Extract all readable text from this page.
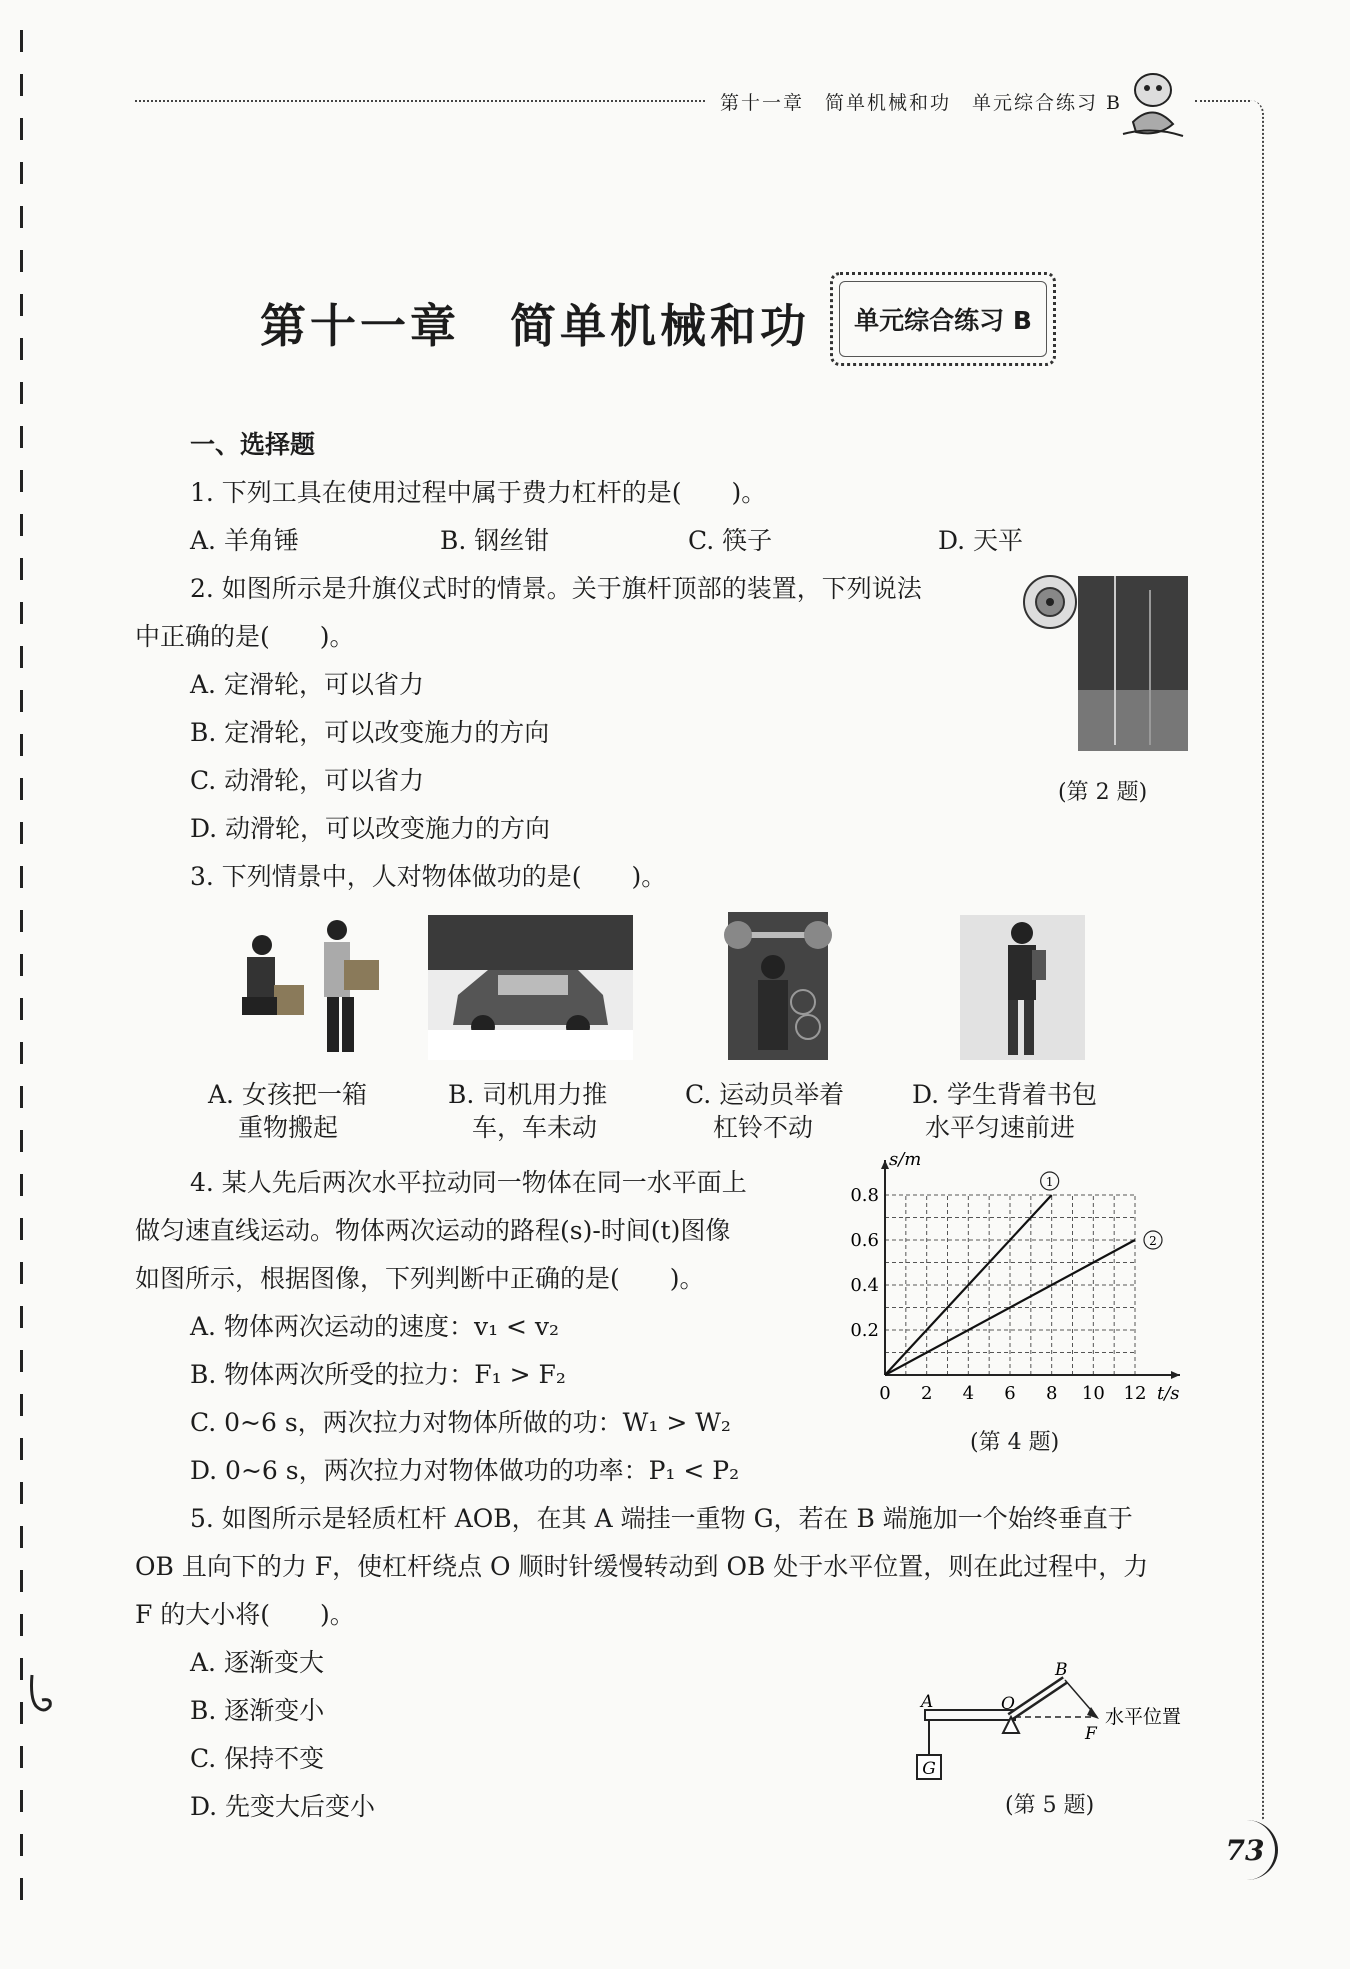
第十一章　简单机械和功　单元综合练习 B
第十一章 简单机械和功 单元综合练习 B
一、选择题
1. 下列工具在使用过程中属于费力杠杆的是(　　)。
A. 羊角锤	B. 钢丝钳	C. 筷子	D. 天平
2. 如图所示是升旗仪式时的情景。关于旗杆顶部的装置，下列说法
中正确的是(　　)。
A. 定滑轮，可以省力
B. 定滑轮，可以改变施力的方向
C. 动滑轮，可以省力
D. 动滑轮，可以改变施力的方向
(第 2 题)
3. 下列情景中，人对物体做功的是(　　)。
A. 女孩把一箱
重物搬起
B. 司机用力推
车，车未动
C. 运动员举着
杠铃不动
D. 学生背着书包
水平匀速前进
4. 某人先后两次水平拉动同一物体在同一水平面上
做匀速直线运动。物体两次运动的路程(s)-时间(t)图像
如图所示，根据图像，下列判断中正确的是(　　)。
A. 物体两次运动的速度：v₁ < v₂
B. 物体两次所受的拉力：F₁ > F₂
C. 0~6 s，两次拉力对物体所做的功：W₁ > W₂
D. 0~6 s，两次拉力对物体做功的功率：P₁ < P₂
0 2 4 6 8 10 12
0.2
0.4
0.6
0.8
s/m
t/s
1
2
(第 4 题)
5. 如图所示是轻质杠杆 AOB，在其 A 端挂一重物 G，若在 B 端施加一个始终垂直于
OB 且向下的力 F，使杠杆绕点 O 顺时针缓慢转动到 OB 处于水平位置，则在此过程中，力
F 的大小将(　　)。
A. 逐渐变大
B. 逐渐变小
C. 保持不变
D. 先变大后变小
G
A	O
B
F
水平位置
(第 5 题)
73
